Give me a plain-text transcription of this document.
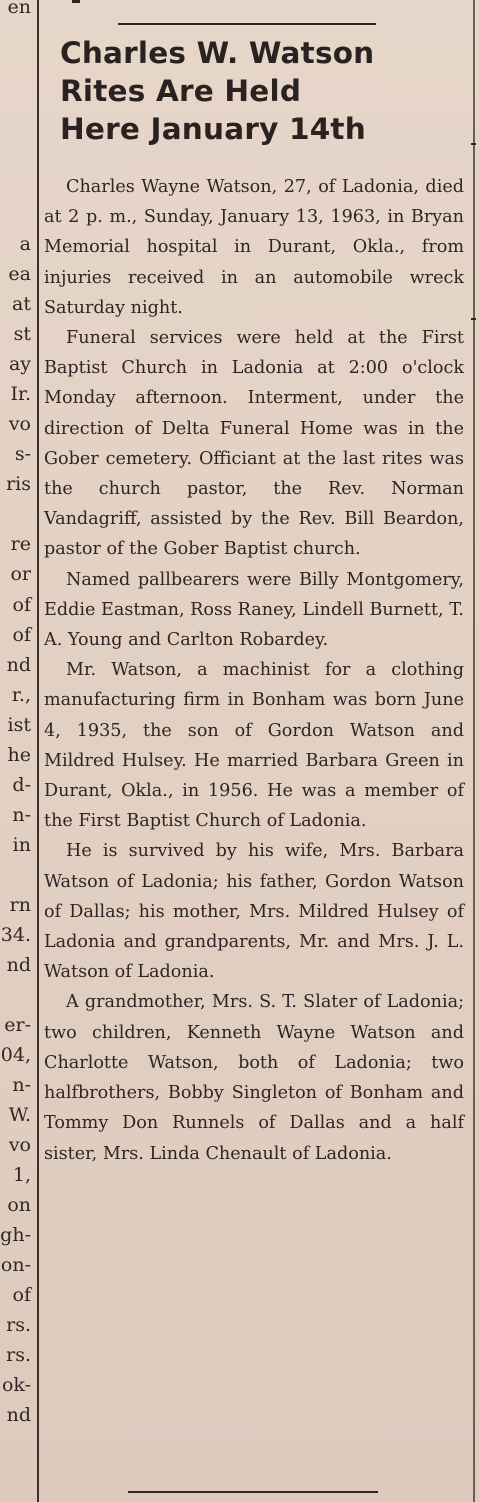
en
a
ea
at
st
ay
Ir.
vo
s-
ris
re
or
of
of
nd
r.,
ist
he
d-
n-
in
rn
34.
nd
er-
04,
n-
W.
vo
1,
on
gh-
on-
of
rs.
rs.
ok-
nd
Charles W. Watson
Rites Are Held
Here January 14th

Charles Wayne Watson, 27, of Ladonia, died at 2 p. m., Sunday, January 13, 1963, in Bryan Memorial hospital in Durant, Okla., from injuries received in an automobile wreck Saturday night.

Funeral services were held at the First Baptist Church in Ladonia at 2:00 o'clock Monday afternoon. Interment, under the direction of Delta Funeral Home was in the Gober cemetery. Officiant at the last rites was the church pastor, the Rev. Norman Vandagriff, assisted by the Rev. Bill Beardon, pastor of the Gober Baptist church.

Named pallbearers were Billy Montgomery, Eddie Eastman, Ross Raney, Lindell Burnett, T. A. Young and Carlton Robardey.

Mr. Watson, a machinist for a clothing manufacturing firm in Bonham was born June 4, 1935, the son of Gordon Watson and Mildred Hulsey. He married Barbara Green in Durant, Okla., in 1956. He was a member of the First Baptist Church of Ladonia.

He is survived by his wife, Mrs. Barbara Watson of Ladonia; his father, Gordon Watson of Dallas; his mother, Mrs. Mildred Hulsey of Ladonia and grandparents, Mr. and Mrs. J. L. Watson of Ladonia.

A grandmother, Mrs. S. T. Slater of Ladonia; two children, Kenneth Wayne Watson and Charlotte Watson, both of Ladonia; two halfbrothers, Bobby Singleton of Bonham and Tommy Don Runnels of Dallas and a half sister, Mrs. Linda Chenault of Ladonia.
